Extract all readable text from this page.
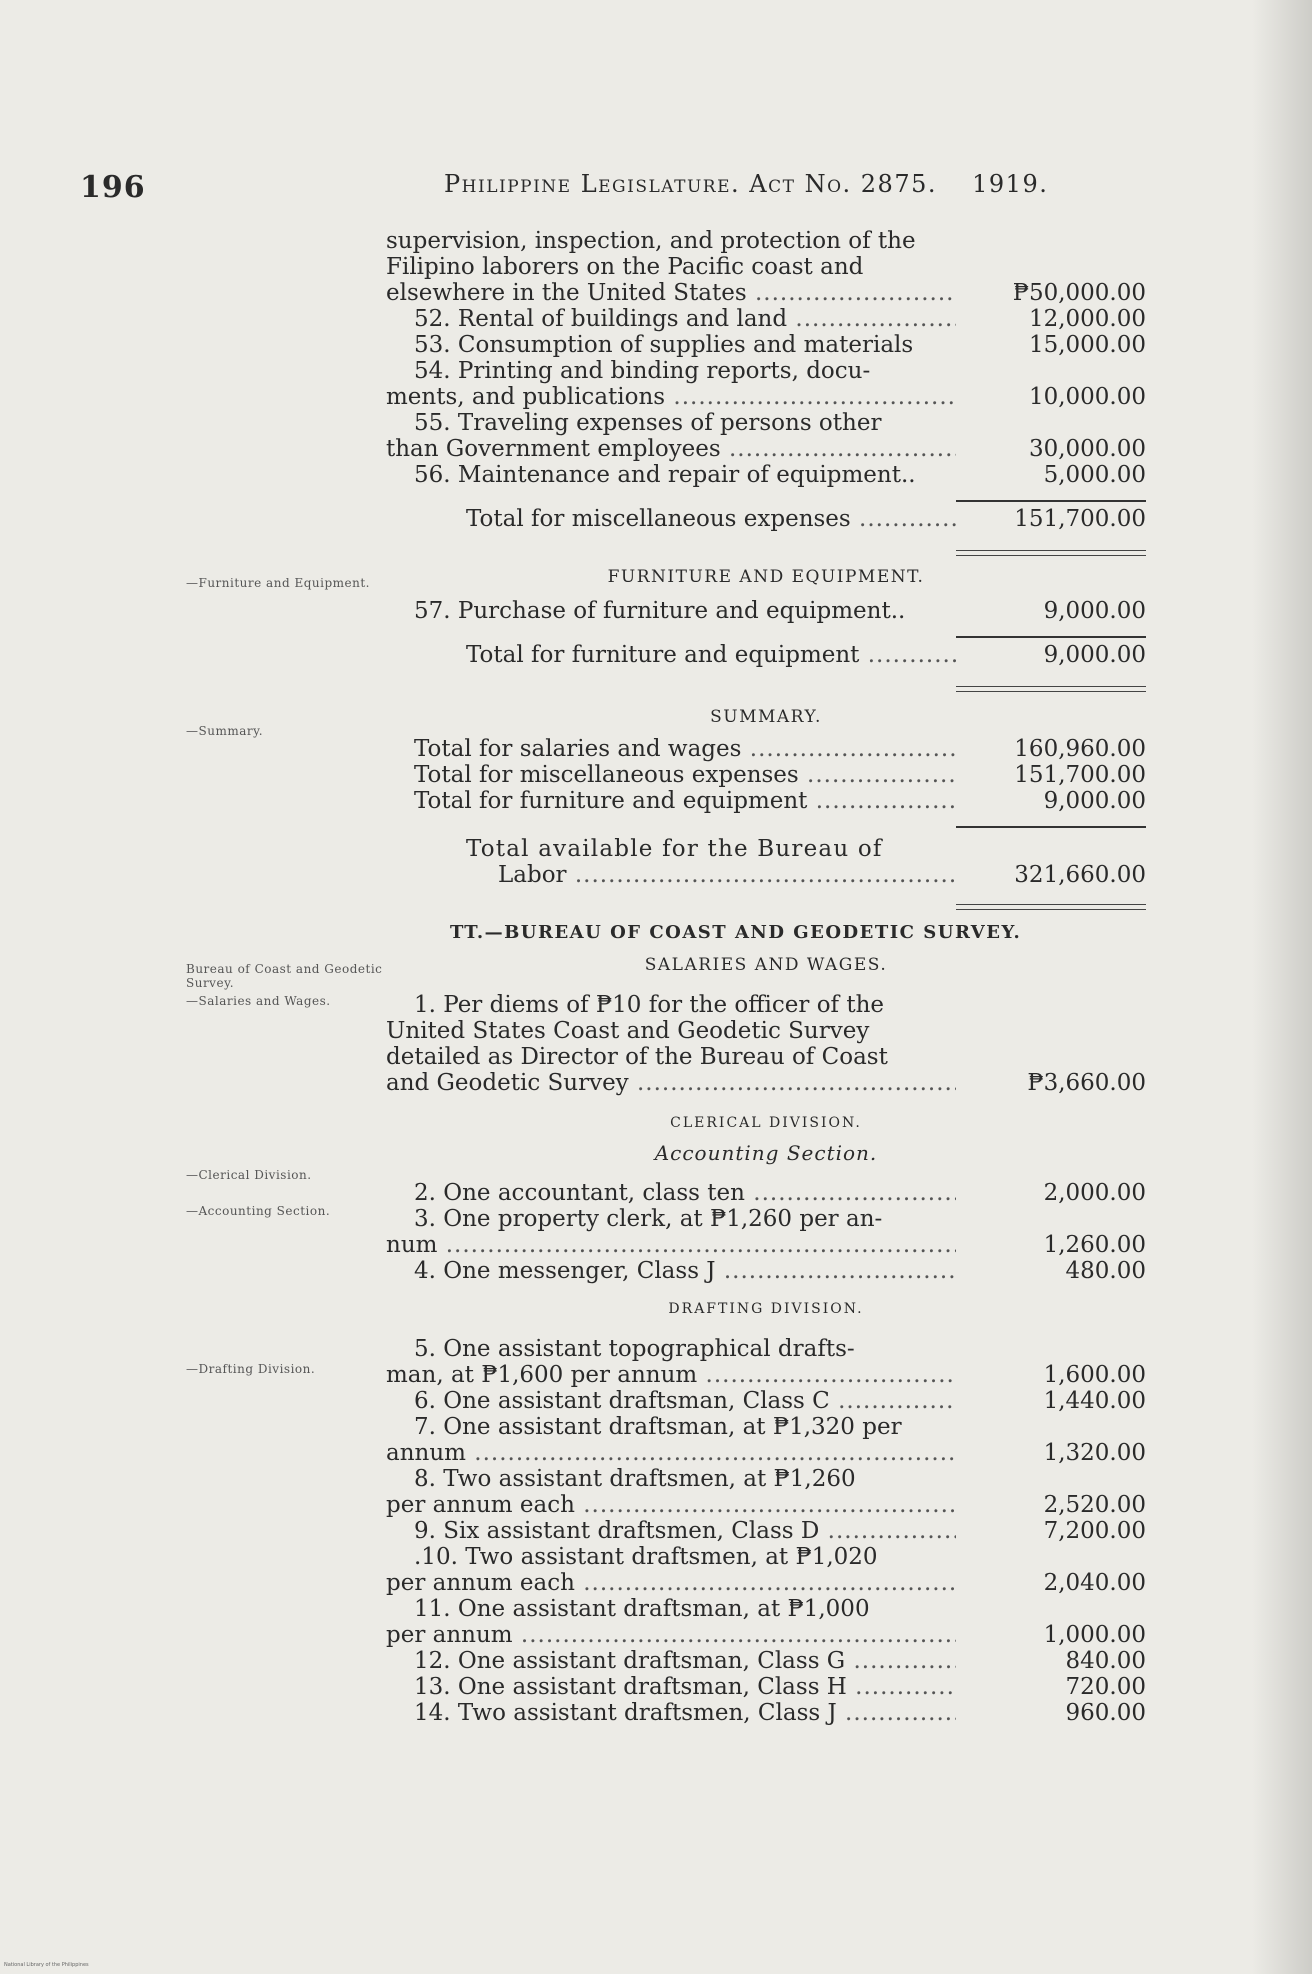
196	Philippine Legislature. Act No. 2875. 1919.
—Furniture and Equipment.
—Summary.
Bureau of Coast and Geodetic Survey.
—Salaries and Wages.
—Clerical Division.
—Accounting Section.
—Drafting Division.
supervision, inspection, and protection of the
Filipino laborers on the Pacific coast and
elsewhere in the United States .....	₱50,000.00
52. Rental of buildings and land .....	12,000.00
53. Consumption of supplies and materials	15,000.00
54. Printing and binding reports, docu-
ments, and publications .....	10,000.00
55. Traveling expenses of persons other
than Government employees .....	30,000.00
56. Maintenance and repair of equipment..	5,000.00
Total for miscellaneous expenses .....	151,700.00
FURNITURE AND EQUIPMENT.
57. Purchase of furniture and equipment..	9,000.00
Total for furniture and equipment .....	9,000.00
SUMMARY.
Total for salaries and wages .....	160,960.00
Total for miscellaneous expenses .....	151,700.00
Total for furniture and equipment .....	9,000.00
Total available for the Bureau of
Labor .....	321,660.00
TT.—BUREAU OF COAST AND GEODETIC SURVEY.
SALARIES AND WAGES.
1. Per diems of ₱10 for the officer of the
United States Coast and Geodetic Survey
detailed as Director of the Bureau of Coast
and Geodetic Survey .....	₱3,660.00
CLERICAL DIVISION.
Accounting Section.
2. One accountant, class ten .....	2,000.00
3. One property clerk, at ₱1,260 per an-
num .....	1,260.00
4. One messenger, Class J .....	480.00
DRAFTING DIVISION.
5. One assistant topographical drafts-
man, at ₱1,600 per annum .....	1,600.00
6. One assistant draftsman, Class C .....	1,440.00
7. One assistant draftsman, at ₱1,320 per
annum .....	1,320.00
8. Two assistant draftsmen, at ₱1,260
per annum each .....	2,520.00
9. Six assistant draftsmen, Class D .....	7,200.00
.10. Two assistant draftsmen, at ₱1,020
per annum each .....	2,040.00
11. One assistant draftsman, at ₱1,000
per annum .....	1,000.00
12. One assistant draftsman, Class G .....	840.00
13. One assistant draftsman, Class H .....	720.00
14. Two assistant draftsmen, Class J .....	960.00
National Library of the Philippines
